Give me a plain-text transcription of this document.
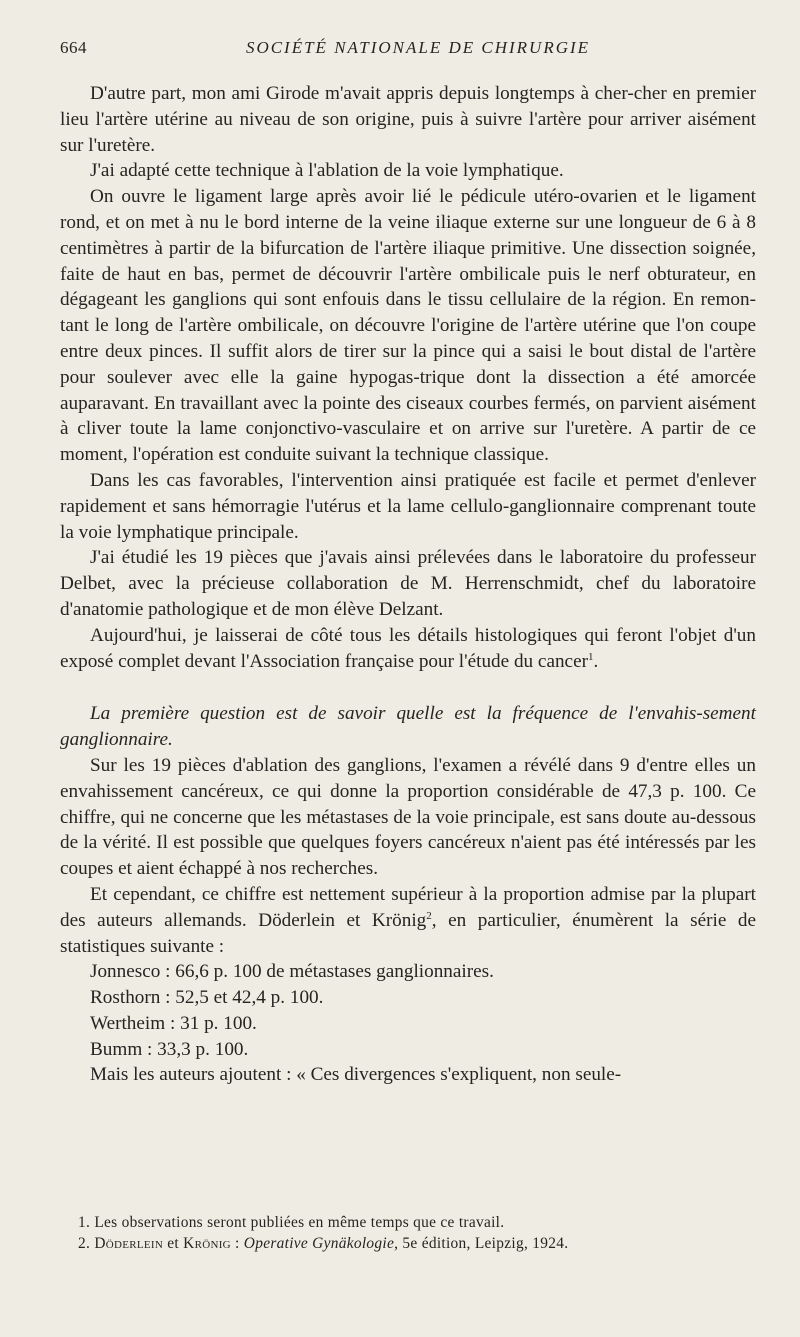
664	SOCIÉTÉ NATIONALE DE CHIRURGIE

D'autre part, mon ami Girode m'avait appris depuis longtemps à cher-cher en premier lieu l'artère utérine au niveau de son origine, puis à suivre l'artère pour arriver aisément sur l'uretère.

J'ai adapté cette technique à l'ablation de la voie lymphatique.

On ouvre le ligament large après avoir lié le pédicule utéro-ovarien et le ligament rond, et on met à nu le bord interne de la veine iliaque externe sur une longueur de 6 à 8 centimètres à partir de la bifurcation de l'artère iliaque primitive. Une dissection soignée, faite de haut en bas, permet de découvrir l'artère ombilicale puis le nerf obturateur, en dégageant les ganglions qui sont enfouis dans le tissu cellulaire de la région. En remon-tant le long de l'artère ombilicale, on découvre l'origine de l'artère utérine que l'on coupe entre deux pinces. Il suffit alors de tirer sur la pince qui a saisi le bout distal de l'artère pour soulever avec elle la gaine hypogas-trique dont la dissection a été amorcée auparavant. En travaillant avec la pointe des ciseaux courbes fermés, on parvient aisément à cliver toute la lame conjonctivo-vasculaire et on arrive sur l'uretère. A partir de ce moment, l'opération est conduite suivant la technique classique.

Dans les cas favorables, l'intervention ainsi pratiquée est facile et permet d'enlever rapidement et sans hémorragie l'utérus et la lame cellulo-ganglionnaire comprenant toute la voie lymphatique principale.

J'ai étudié les 19 pièces que j'avais ainsi prélevées dans le laboratoire du professeur Delbet, avec la précieuse collaboration de M. Herrenschmidt, chef du laboratoire d'anatomie pathologique et de mon élève Delzant.

Aujourd'hui, je laisserai de côté tous les détails histologiques qui feront l'objet d'un exposé complet devant l'Association française pour l'étude du cancer$^1$.

La première question est de savoir quelle est la fréquence de l'envahis-sement ganglionnaire.

Sur les 19 pièces d'ablation des ganglions, l'examen a révélé dans 9 d'entre elles un envahissement cancéreux, ce qui donne la proportion considérable de 47,3 p. 100. Ce chiffre, qui ne concerne que les métastases de la voie principale, est sans doute au-dessous de la vérité. Il est possible que quelques foyers cancéreux n'aient pas été intéressés par les coupes et aient échappé à nos recherches.

Et cependant, ce chiffre est nettement supérieur à la proportion admise par la plupart des auteurs allemands. Döderlein et Krönig$^2$, en particulier, énumèrent la série de statistiques suivante :

Jonnesco : 66,6 p. 100 de métastases ganglionnaires.
Rosthorn : 52,5 et 42,4 p. 100.
Wertheim : 31 p. 100.
Bumm : 33,3 p. 100.

Mais les auteurs ajoutent : « Ces divergences s'expliquent, non seule-

1. Les observations seront publiées en même temps que ce travail.
2. Döderlein et Krönig : Operative Gynäkologie, 5e édition, Leipzig, 1924.
